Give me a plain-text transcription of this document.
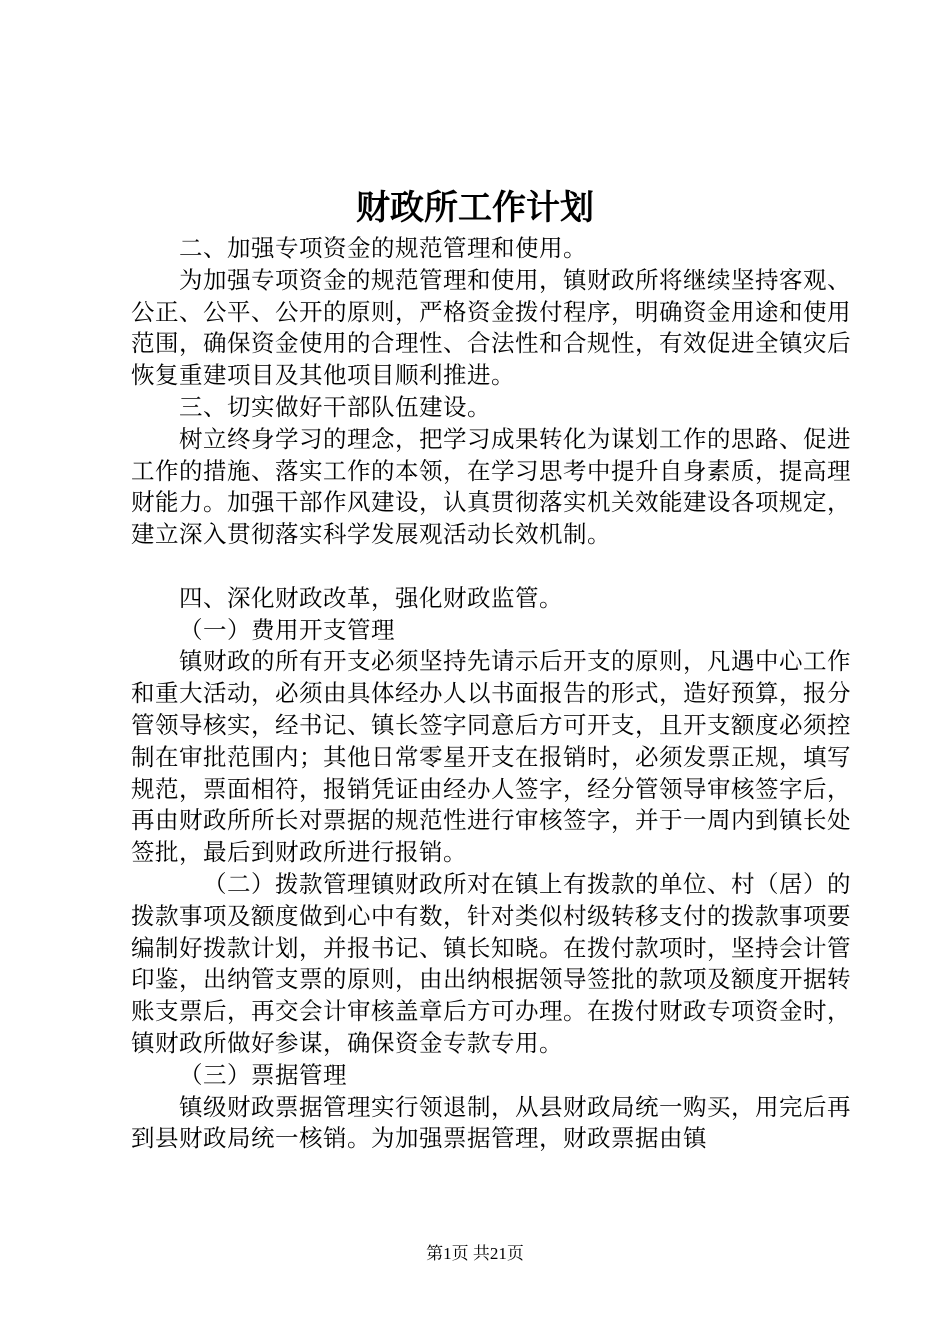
财政所工作计划

二、加强专项资金的规范管理和使用。

为加强专项资金的规范管理和使用，镇财政所将继续坚持客观、公正、公平、公开的原则，严格资金拨付程序，明确资金用途和使用范围，确保资金使用的合理性、合法性和合规性，有效促进全镇灾后恢复重建项目及其他项目顺利推进。

三、切实做好干部队伍建设。

树立终身学习的理念，把学习成果转化为谋划工作的思路、促进工作的措施、落实工作的本领，在学习思考中提升自身素质，提高理财能力。加强干部作风建设，认真贯彻落实机关效能建设各项规定，建立深入贯彻落实科学发展观活动长效机制。

四、深化财政改革，强化财政监管。

（一）费用开支管理

镇财政的所有开支必须坚持先请示后开支的原则，凡遇中心工作和重大活动，必须由具体经办人以书面报告的形式，造好预算，报分管领导核实，经书记、镇长签字同意后方可开支，且开支额度必须控制在审批范围内；其他日常零星开支在报销时，必须发票正规，填写规范，票面相符，报销凭证由经办人签字，经分管领导审核签字后，再由财政所所长对票据的规范性进行审核签字，并于一周内到镇长处签批，最后到财政所进行报销。

（二）拨款管理镇财政所对在镇上有拨款的单位、村（居）的拨款事项及额度做到心中有数，针对类似村级转移支付的拨款事项要编制好拨款计划，并报书记、镇长知晓。在拨付款项时，坚持会计管印鉴，出纳管支票的原则，由出纳根据领导签批的款项及额度开据转账支票后，再交会计审核盖章后方可办理。在拨付财政专项资金时，镇财政所做好参谋，确保资金专款专用。

（三）票据管理

镇级财政票据管理实行领退制，从县财政局统一购买，用完后再到县财政局统一核销。为加强票据管理，财政票据由镇

第1页 共21页
